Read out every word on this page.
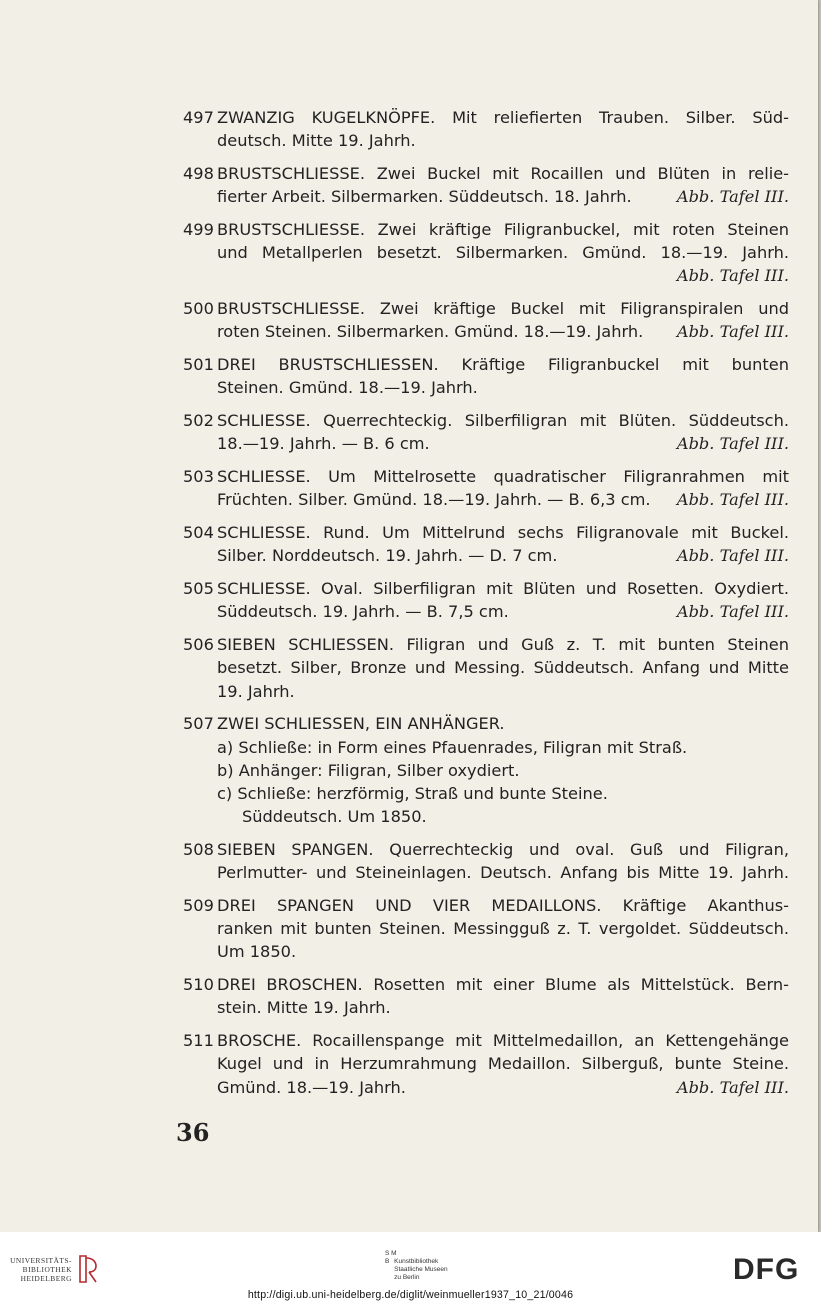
497 ZWANZIG KUGELKNÖPFE. Mit reliefierten Trauben. Silber. Süd-
deutsch. Mitte 19. Jahrh.
498 BRUSTSCHLIESSE. Zwei Buckel mit Rocaillen und Blüten in relie-
fierter Arbeit. Silbermarken. Süddeutsch. 18. Jahrh.	Abb. Tafel III.
499 BRUSTSCHLIESSE. Zwei kräftige Filigranbuckel, mit roten Steinen
und Metallperlen besetzt. Silbermarken. Gmünd. 18.—19. Jahrh.
Abb. Tafel III.
500 BRUSTSCHLIESSE. Zwei kräftige Buckel mit Filigranspiralen und
roten Steinen. Silbermarken. Gmünd. 18.—19. Jahrh. Abb. Tafel III.
501 DREI BRUSTSCHLIESSEN. Kräftige Filigranbuckel mit bunten
Steinen. Gmünd. 18.—19. Jahrh.
502 SCHLIESSE. Querrechteckig. Silberfiligran mit Blüten. Süddeutsch.
18.—19. Jahrh. — B. 6 cm.	Abb. Tafel III.
503 SCHLIESSE. Um Mittelrosette quadratischer Filigranrahmen mit
Früchten. Silber. Gmünd. 18.—19. Jahrh. — B. 6,3 cm. Abb. Tafel III.
504 SCHLIESSE. Rund. Um Mittelrund sechs Filigranovale mit Buckel.
Silber. Norddeutsch. 19. Jahrh. — D. 7 cm.	Abb. Tafel III.
505 SCHLIESSE. Oval. Silberfiligran mit Blüten und Rosetten. Oxydiert.
Süddeutsch. 19. Jahrh. — B. 7,5 cm.	Abb. Tafel III.
506 SIEBEN SCHLIESSEN. Filigran und Guß z. T. mit bunten Steinen
besetzt. Silber, Bronze und Messing. Süddeutsch. Anfang und Mitte
19. Jahrh.
507 ZWEI SCHLIESSEN, EIN ANHÄNGER.
a) Schließe: in Form eines Pfauenrades, Filigran mit Straß.
b) Anhänger: Filigran, Silber oxydiert.
c) Schließe: herzförmig, Straß und bunte Steine.
Süddeutsch. Um 1850.
508 SIEBEN SPANGEN. Querrechteckig und oval. Guß und Filigran,
Perlmutter- und Steineinlagen. Deutsch. Anfang bis Mitte 19. Jahrh.
509 DREI SPANGEN UND VIER MEDAILLONS. Kräftige Akanthus-
ranken mit bunten Steinen. Messingguß z. T. vergoldet. Süddeutsch.
Um 1850.
510 DREI BROSCHEN. Rosetten mit einer Blume als Mittelstück. Bern-
stein. Mitte 19. Jahrh.
511 BROSCHE. Rocaillenspange mit Mittelmedaillon, an Kettengehänge
Kugel und in Herzumrahmung Medaillon. Silberguß, bunte Steine.
Gmünd. 18.—19. Jahrh.	Abb. Tafel III.
36
UNIVERSITÄTS-
BIBLIOTHEK
HEIDELBERG
S M
B Kunstbibliothek
Staatliche Museen
zu Berlin	DFG
http://digi.ub.uni-heidelberg.de/diglit/weinmueller1937_10_21/0046
